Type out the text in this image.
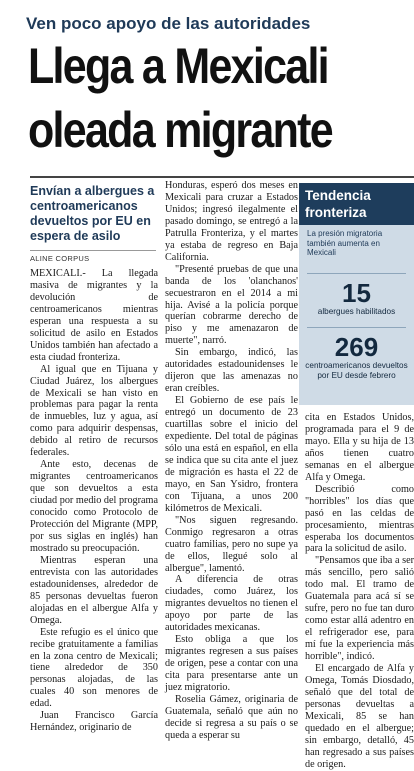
Ven poco apoyo de las autoridades
Llega a Mexicali
oleada migrante
Envían a albergues a centroamericanos devueltos por EU en espera de asilo
ALINE CORPUS

MEXICALI.- La llegada masiva de migrantes y la devolución de centroamericanos mientras esperan una respuesta a su solicitud de asilo en Estados Unidos también han afectado a esta ciudad fronteriza.

Al igual que en Tijuana y Ciudad Juárez, los albergues de Mexicali se han visto en problemas para pagar la renta de inmuebles, luz y agua, así como para adquirir despensas, debido al retiro de recursos federales.

Ante esto, decenas de migrantes centroamericanos que son devueltos a esta ciudad por medio del programa conocido como Protocolo de Protección del Migrante (MPP, por sus siglas en inglés) han mostrado su preocupación.

Mientras esperan una entrevista con las autoridades estadounidenses, alrededor de 85 personas devueltas fueron alojadas en el albergue Alfa y Omega.

Este refugio es el único que recibe gratuitamente a familias en la zona centro de Mexicali; tiene alrededor de 350 personas alojadas, de las cuales 40 son menores de edad.

Juan Francisco García Hernández, originario de

Honduras, esperó dos meses en Mexicali para cruzar a Estados Unidos; ingresó ilegalmente el pasado domingo, se entregó a la Patrulla Fronteriza, y el martes ya estaba de regreso en Baja California.

"Presenté pruebas de que una banda de los 'olanchanos' secuestraron en el 2014 a mi hija. Avisé a la policía porque querían cobrarme derecho de piso y me amenazaron de muerte", narró.

Sin embargo, indicó, las autoridades estadounidenses le dijeron que las amenazas no eran creíbles.

El Gobierno de ese país le entregó un documento de 23 cuartillas sobre el inicio del expediente. Del total de páginas sólo una está en español, en ella se indica que su cita ante el juez de migración es hasta el 22 de mayo, en San Ysidro, frontera con Tijuana, a unos 200 kilómetros de Mexicali.

"Nos siguen regresando. Conmigo regresaron a otras cuatro familias, pero no supe ya de ellos, llegué solo al albergue", lamentó.

A diferencia de otras ciudades, como Juárez, los migrantes devueltos no tienen el apoyo por parte de las autoridades mexicanas.

Esto obliga a que los migrantes regresen a sus países de origen, pese a contar con una cita para presentarse ante un juez migratorio.

Roselia Gámez, originaria de Guatemala, señaló que aún no decide si regresa a su país o se queda a esperar su

Tendencia fronteriza
La presión migratoria también aumenta en Mexicali
15
albergues habilitados
269
centroamericanos devueltos por EU desde febrero

cita en Estados Unidos, programada para el 9 de mayo. Ella y su hija de 13 años tienen cuatro semanas en el albergue Alfa y Omega.

Describió como "horribles" los días que pasó en las celdas de procesamiento, mientras esperaba los documentos para la solicitud de asilo.

"Pensamos que iba a ser más sencillo, pero salió todo mal. El tramo de Guatemala para acá sí se sufre, pero no fue tan duro como estar allá adentro en el refrigerador ese, para mí fue la experiencia más horrible", indicó.

El encargado de Alfa y Omega, Tomás Diosdado, señaló que del total de personas devueltas a Mexicali, 85 se han quedado en el albergue; sin embargo, detalló, 45 han regresado a sus países de origen.
